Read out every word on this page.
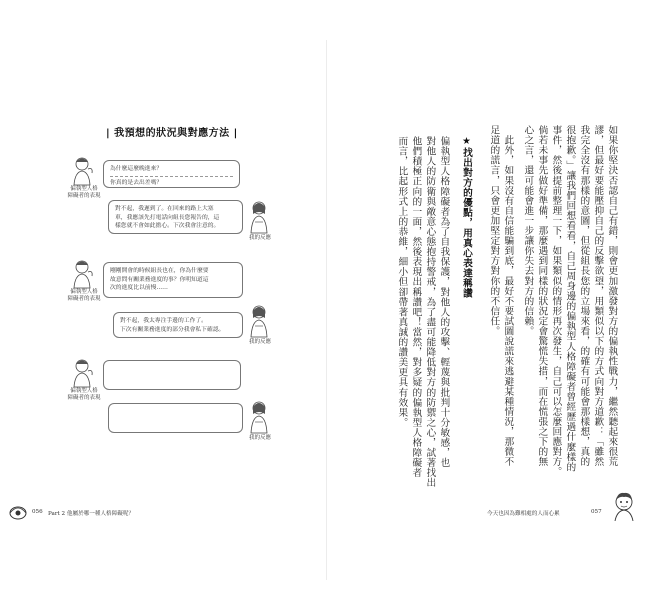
| 我預想的狀況與對應方法 |
偏執型人格
障礙者的表現
為什麼這麼晚進來？
你真的是去出差嗎？
對不起，我遲到了。在回來的路上大塞
車，我應該先打電話向組長您報告的，這
樣您就不會如此擔心。下次我會注意的。
我的反應
偏執型人格
障礙者的表現
剛剛開會的時候組長也在，你為什麼要
故意問有關業務進度的事？你明知道這
次的進度比以前慢……
對不起，我太專注手邊的工作了。
下次有關業務進度的部分我會私下確認。
我的反應
偏執型人格
障礙者的表現
我的反應
056 Part 2 他屬於哪一種人格障礙呢？
如果你堅決否認自己有錯，則會更加激發對方的偏執性戰力，繼然聽起來很荒
謬，但最好要能壓抑自己的反擊欲望，用類似以下的方式向對方道歉：「雖然
我完全沒有那樣的意圖，但從組長您的立場來看，的確有可能會那樣想，真的
很抱歉。」讓我們回想看看，自己周身邊的偏執型人格障礙者曾經歷過什麼樣的
事件，然後提前整理一下，如果類似的情形再次發生，自己可以怎麼回應對方。
倘若未事先做好準備，那麼遇到同樣的狀況定會驚慌失措，而在慌張之下的無
心之言，還可能會進一步讓你失去對方的信賴。
　此外，如果沒有自信能騙到底，最好不要試圖說謊來逃避某種情況，那微不
足道的謊言，只會更加堅定對方對你的不信任。
★找出對方的優點，用真心表達稱讚
偏執型人格障礙者為了自我保護，對他人的攻擊、輕蔑與批判十分敏感，也
對他人的防衛與敵意心態抱持警戒，為了盡可能降低對方的防禦之心，試著找出
他們積極正向的一面，然後表現出稱讚吧！當然，對多疑的偏執型人格障礙者
而言，比起形式上的恭維，細小但卻帶著真誠的讚美更具有效果。
今天也因為難相處的人而心累	057
